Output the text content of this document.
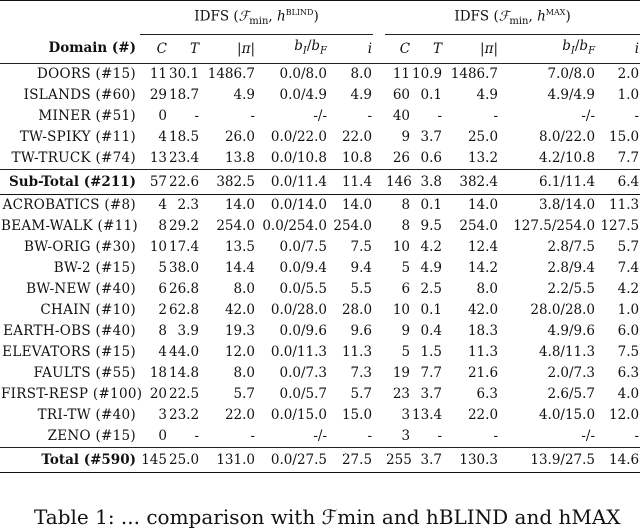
	IDFS (ℱ$_{min}$, $h^{BLIND}$)						IDFS (ℱ$_{min}$, $h^{MAX}$)				
Domain (#)	C	T	|π|	$b_I/b_F$	i		C	T	|π|	$b_I/b_F$	i
DOORS (#15)	11	30.1	1486.7	0.0/8.0	8.0		11	10.9	1486.7	7.0/8.0	2.0
ISLANDS (#60)	29	18.7	4.9	0.0/4.9	4.9		60	0.1	4.9	4.9/4.9	1.0
MINER (#51)	0	-	-	-/-	-		40	-	-	-/-	-
TW-SPIKY (#11)	4	18.5	26.0	0.0/22.0	22.0		9	3.7	25.0	8.0/22.0	15.0
TW-TRUCK (#74)	13	23.4	13.8	0.0/10.8	10.8		26	0.6	13.2	4.2/10.8	7.7
Sub-Total (#211)	57	22.6	382.5	0.0/11.4	11.4		146	3.8	382.4	6.1/11.4	6.4
ACROBATICS (#8)	4	2.3	14.0	0.0/14.0	14.0		8	0.1	14.0	3.8/14.0	11.3
BEAM-WALK (#11)	8	29.2	254.0	0.0/254.0	254.0		8	9.5	254.0	127.5/254.0	127.5
BW-ORIG (#30)	10	17.4	13.5	0.0/7.5	7.5		10	4.2	12.4	2.8/7.5	5.7
BW-2 (#15)	5	38.0	14.4	0.0/9.4	9.4		5	4.9	14.2	2.8/9.4	7.4
BW-NEW (#40)	6	26.8	8.0	0.0/5.5	5.5		6	2.5	8.0	2.2/5.5	4.2
CHAIN (#10)	2	62.8	42.0	0.0/28.0	28.0		10	0.1	42.0	28.0/28.0	1.0
EARTH-OBS (#40)	8	3.9	19.3	0.0/9.6	9.6		9	0.4	18.3	4.9/9.6	6.0
ELEVATORS (#15)	4	44.0	12.0	0.0/11.3	11.3		5	1.5	11.3	4.8/11.3	7.5
FAULTS (#55)	18	14.8	8.0	0.0/7.3	7.3		19	7.7	21.6	2.0/7.3	6.3
FIRST-RESP (#100)	20	22.5	5.7	0.0/5.7	5.7		23	3.7	6.3	2.6/5.7	4.0
TRI-TW (#40)	3	23.2	22.0	0.0/15.0	15.0		3	13.4	22.0	4.0/15.0	12.0
ZENO (#15)	0	-	-	-/-	-		3	-	-	-/-	-
Total (#590)	145	25.0	131.0	0.0/27.5	27.5		255	3.7	130.3	13.9/27.5	14.6
Table 1: ... comparison with ℱmin and hBLIND and hMAX
